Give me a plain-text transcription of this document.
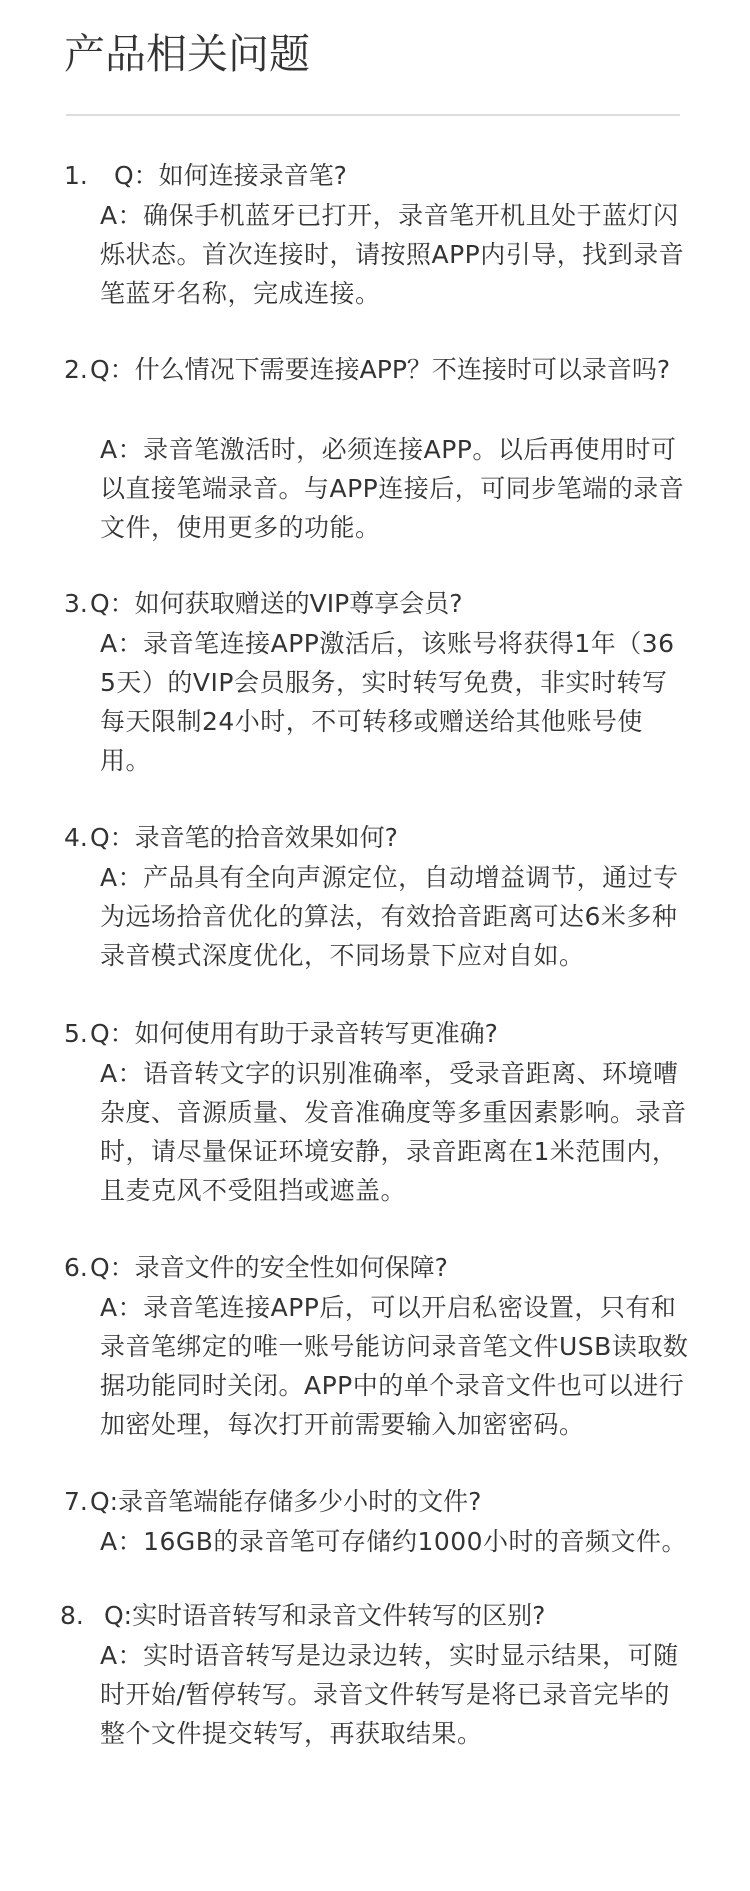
产品相关问题
1. Q：如何连接录音笔?
A：确保手机蓝牙已打开，录音笔开机且处于蓝灯闪烁状态。首次连接时，请按照APP内引导，找到录音笔蓝牙名称，完成连接。
2. Q：什么情况下需要连接APP？不连接时可以录音吗?
A：录音笔激活时，必须连接APP。以后再使用时可以直接笔端录音。与APP连接后，可同步笔端的录音文件，使用更多的功能。
3. Q：如何获取赠送的VIP尊享会员?
A：录音笔连接APP激活后，该账号将获得1年（365天）的VIP会员服务，实时转写免费，非实时转写每天限制24小时，不可转移或赠送给其他账号使用。
4. Q：录音笔的拾音效果如何?
A：产品具有全向声源定位，自动增益调节，通过专为远场拾音优化的算法，有效拾音距离可达6米多种录音模式深度优化，不同场景下应对自如。
5. Q：如何使用有助于录音转写更准确?
A：语音转文字的识别准确率，受录音距离、环境嘈杂度、音源质量、发音准确度等多重因素影响。录音时，请尽量保证环境安静，录音距离在1米范围内，且麦克风不受阻挡或遮盖。
6. Q：录音文件的安全性如何保障?
A：录音笔连接APP后，可以开启私密设置，只有和录音笔绑定的唯一账号能访问录音笔文件USB读取数据功能同时关闭。APP中的单个录音文件也可以进行加密处理，每次打开前需要输入加密密码。
7. Q:录音笔端能存储多少小时的文件?
A：16GB的录音笔可存储约1000小时的音频文件。
8. Q:实时语音转写和录音文件转写的区别?
A：实时语音转写是边录边转，实时显示结果，可随时开始/暂停转写。录音文件转写是将已录音完毕的整个文件提交转写，再获取结果。
